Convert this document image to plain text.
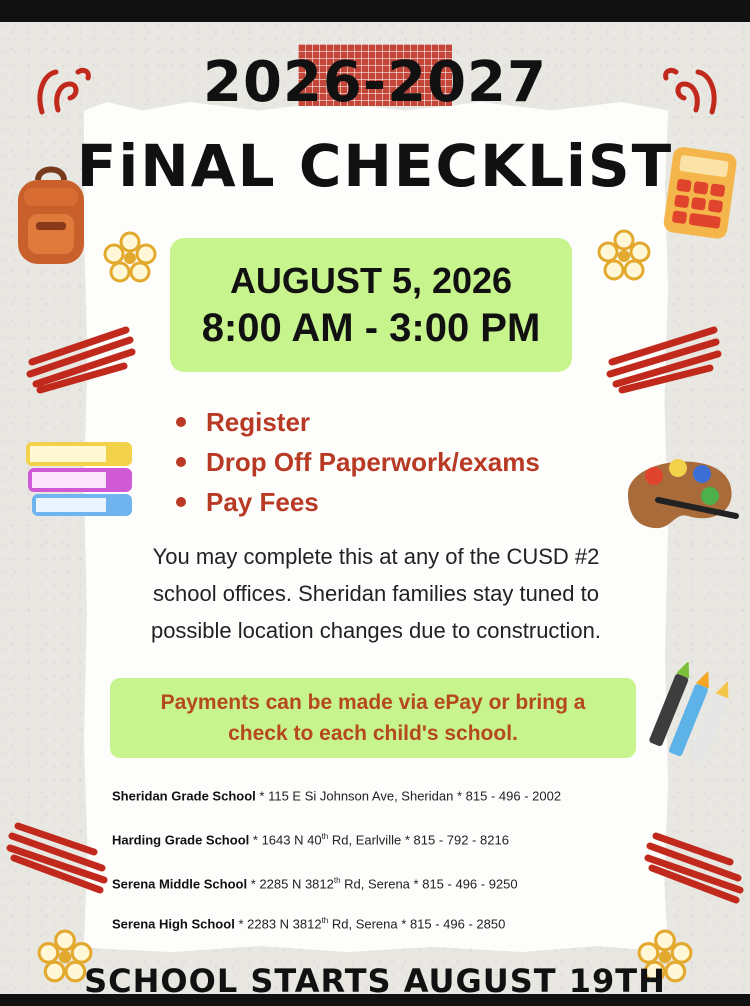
2026-2027
FiNAL CHECKLiST
AUGUST 5, 2026
8:00 AM - 3:00 PM
Register
Drop Off Paperwork/exams
Pay Fees
You may complete this at any of the CUSD #2
school offices. Sheridan families stay tuned to
possible location changes due to construction.
Payments can be made via ePay or bring a
check to each child's school.
Sheridan Grade School * 115 E Si Johnson Ave, Sheridan * 815 - 496 - 2002
Harding Grade School * 1643 N 40th Rd, Earlville * 815 - 792 - 8216
Serena Middle School * 2285 N 3812th Rd, Serena * 815 - 496 - 9250
Serena High School * 2283 N 3812th Rd, Serena * 815 - 496 - 2850
SCHOOL STARTS AUGUST 19TH
